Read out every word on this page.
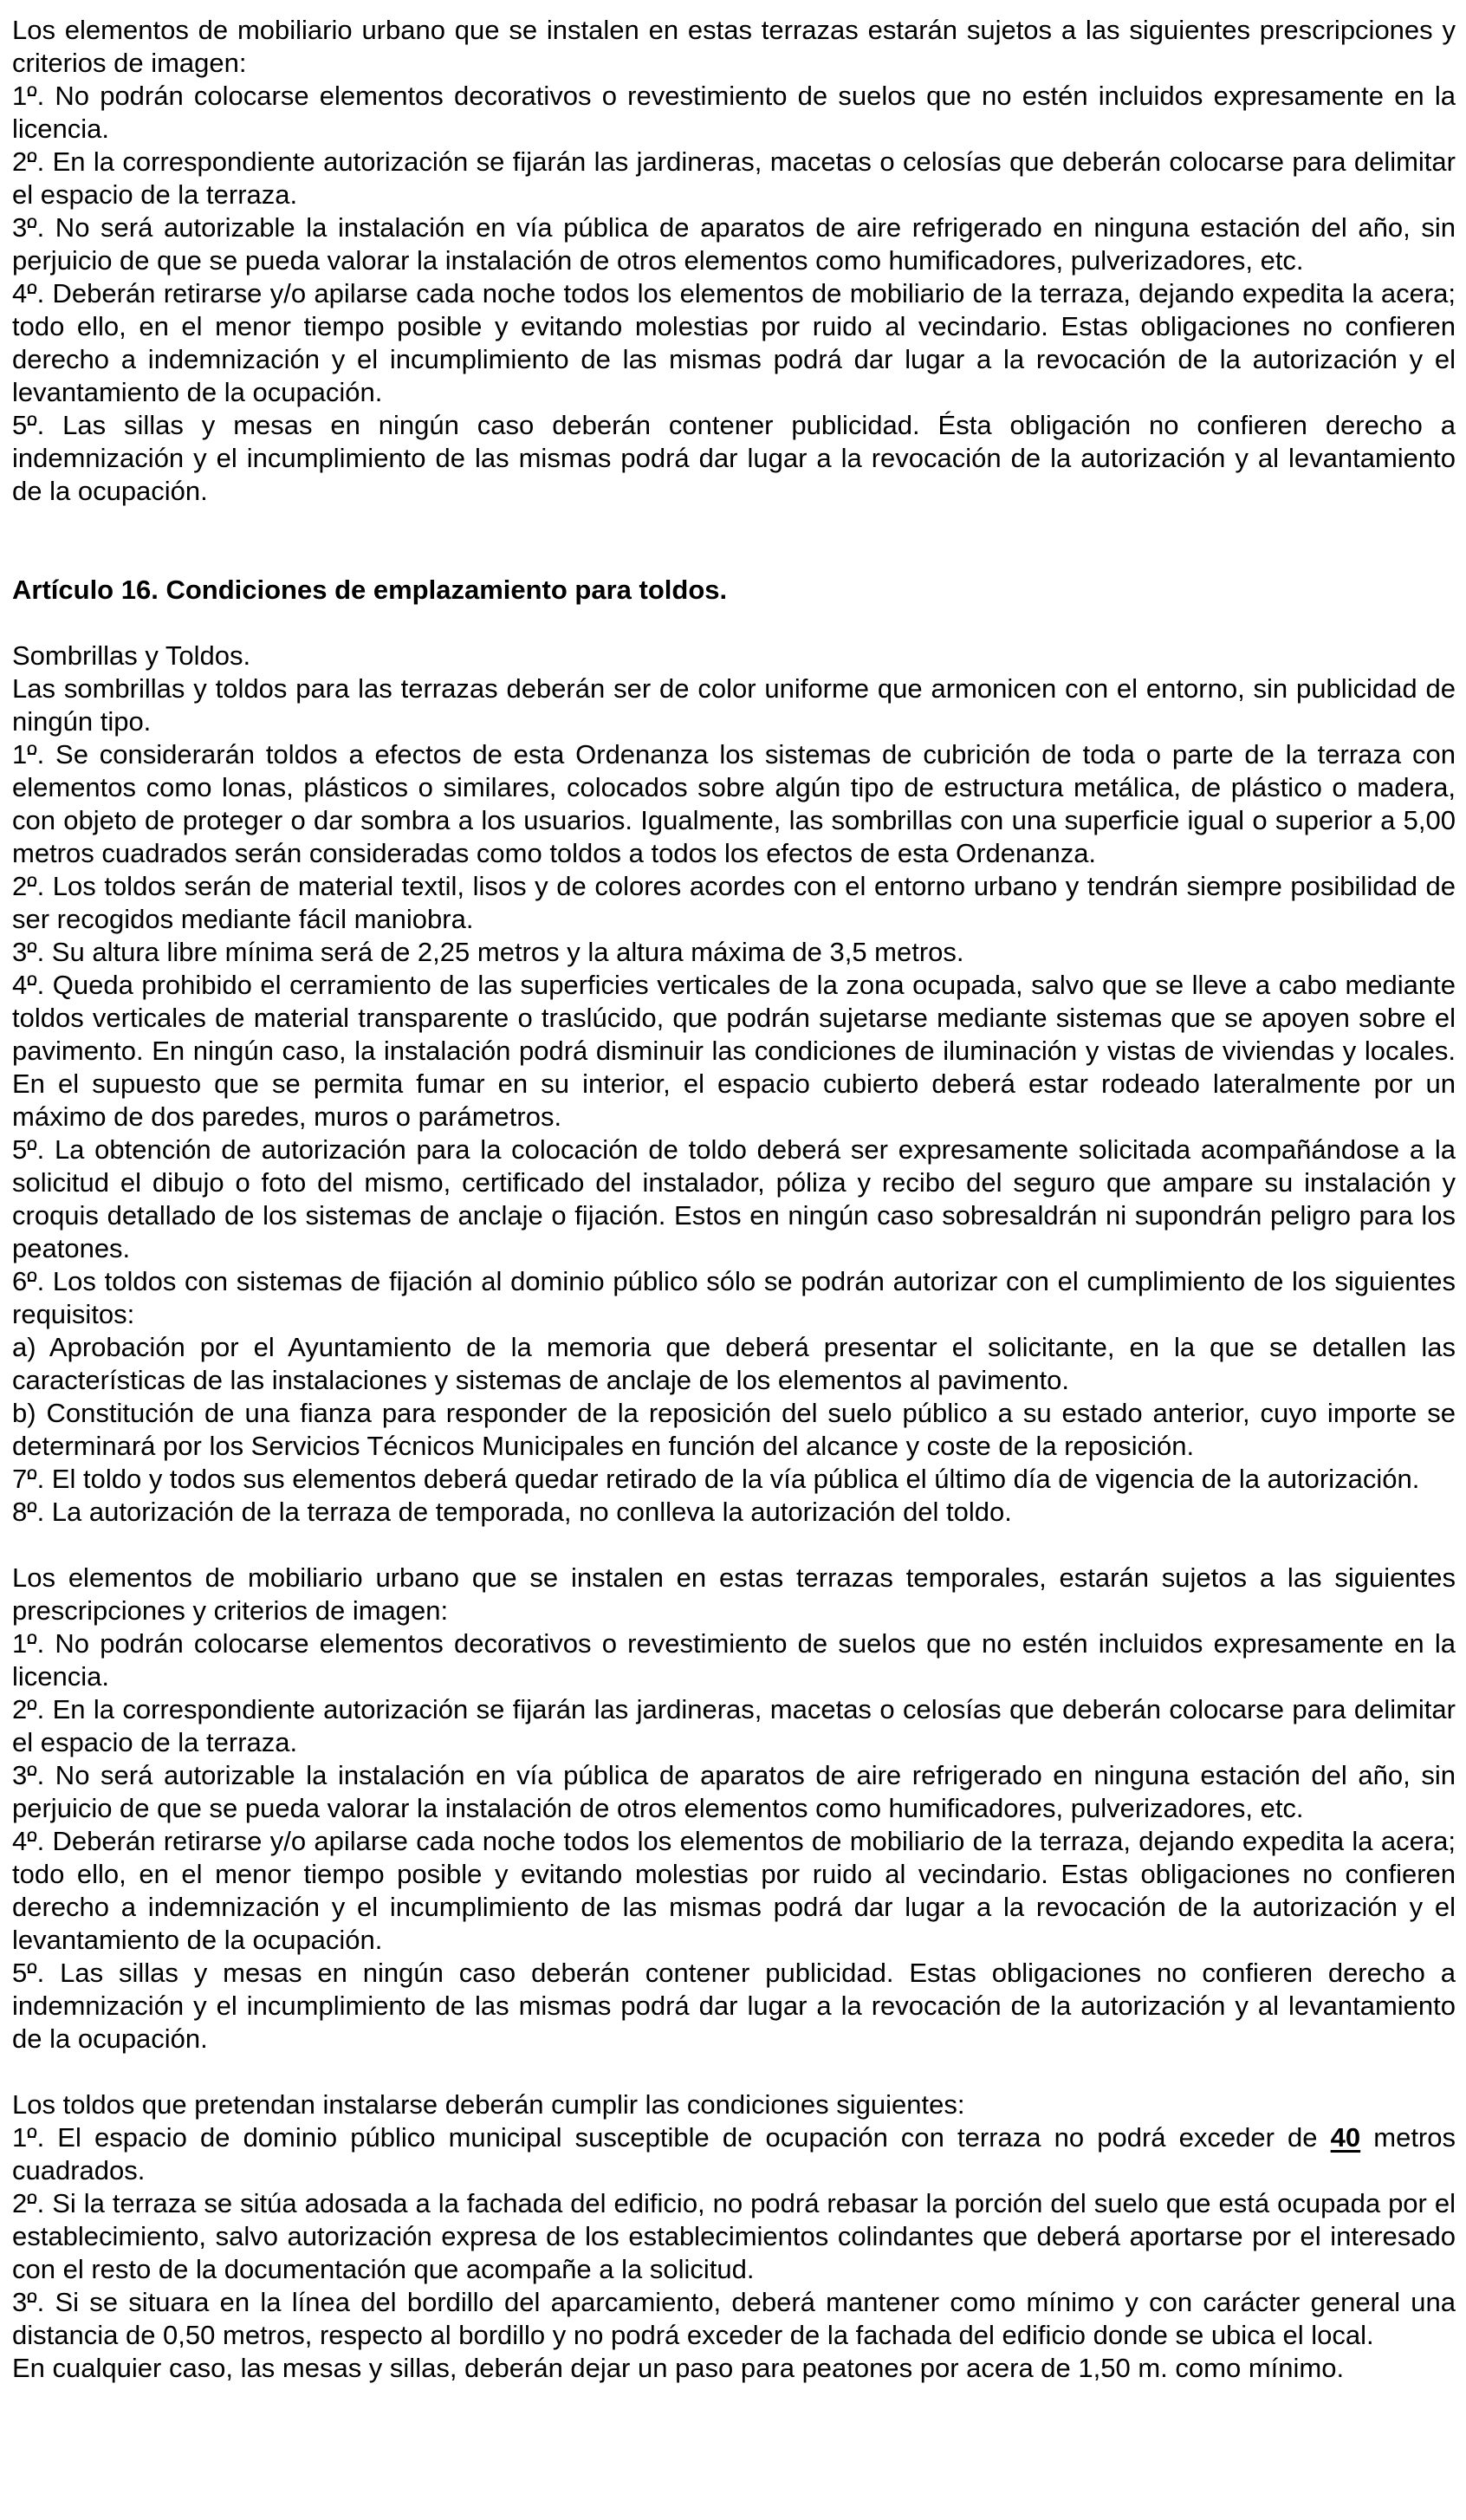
Los elementos de mobiliario urbano que se instalen en estas terrazas estarán sujetos a las siguientes prescripciones y criterios de imagen:

1º. No podrán colocarse elementos decorativos o revestimiento de suelos que no estén incluidos expresamente en la licencia.

2º. En la correspondiente autorización se fijarán las jardineras, macetas o celosías que deberán colocarse para delimitar el espacio de la terraza.

3º. No será autorizable la instalación en vía pública de aparatos de aire refrigerado en ninguna estación del año, sin perjuicio de que se pueda valorar la instalación de otros elementos como humificadores, pulverizadores, etc.

4º. Deberán retirarse y/o apilarse cada noche todos los elementos de mobiliario de la terraza, dejando expedita la acera; todo ello, en el menor tiempo posible y evitando molestias por ruido al vecindario. Estas obligaciones no confieren derecho a indemnización y el incumplimiento de las mismas podrá dar lugar a la revocación de la autorización y el levantamiento de la ocupación.

5º. Las sillas y mesas en ningún caso deberán contener publicidad. Ésta obligación no confieren derecho a indemnización y el incumplimiento de las mismas podrá dar lugar a la revocación de la autorización y al levantamiento de la ocupación.

Artículo 16. Condiciones de emplazamiento para toldos.

Sombrillas y Toldos.

Las sombrillas y toldos para las terrazas deberán ser de color uniforme que armonicen con el entorno, sin publicidad de ningún tipo.

1º. Se considerarán toldos a efectos de esta Ordenanza los sistemas de cubrición de toda o parte de la terraza con elementos como lonas, plásticos o similares, colocados sobre algún tipo de estructura metálica, de plástico o madera, con objeto de proteger o dar sombra a los usuarios. Igualmente, las sombrillas con una superficie igual o superior a 5,00 metros cuadrados serán consideradas como toldos a todos los efectos de esta Ordenanza.

2º. Los toldos serán de material textil, lisos y de colores acordes con el entorno urbano y tendrán siempre posibilidad de ser recogidos mediante fácil maniobra.

3º. Su altura libre mínima será de 2,25 metros y la altura máxima de 3,5 metros.

4º. Queda prohibido el cerramiento de las superficies verticales de la zona ocupada, salvo que se lleve a cabo mediante toldos verticales de material transparente o traslúcido, que podrán sujetarse mediante sistemas que se apoyen sobre el pavimento. En ningún caso, la instalación podrá disminuir las condiciones de iluminación y vistas de viviendas y locales. En el supuesto que se permita fumar en su interior, el espacio cubierto deberá estar rodeado lateralmente por un máximo de dos paredes, muros o parámetros.

5º. La obtención de autorización para la colocación de toldo deberá ser expresamente solicitada acompañándose a la solicitud el dibujo o foto del mismo, certificado del instalador, póliza y recibo del seguro que ampare su instalación y croquis detallado de los sistemas de anclaje o fijación. Estos en ningún caso sobresaldrán ni supondrán peligro para los peatones.

6º. Los toldos con sistemas de fijación al dominio público sólo se podrán autorizar con el cumplimiento de los siguientes requisitos:

a) Aprobación por el Ayuntamiento de la memoria que deberá presentar el solicitante, en la que se detallen las características de las instalaciones y sistemas de anclaje de los elementos al pavimento.

b) Constitución de una fianza para responder de la reposición del suelo público a su estado anterior, cuyo importe se determinará por los Servicios Técnicos Municipales en función del alcance y coste de la reposición.

7º. El toldo y todos sus elementos deberá quedar retirado de la vía pública el último día de vigencia de la autorización.

8º. La autorización de la terraza de temporada, no conlleva la autorización del toldo.

Los elementos de mobiliario urbano que se instalen en estas terrazas temporales, estarán sujetos a las siguientes prescripciones y criterios de imagen:

1º. No podrán colocarse elementos decorativos o revestimiento de suelos que no estén incluidos expresamente en la licencia.

2º. En la correspondiente autorización se fijarán las jardineras, macetas o celosías que deberán colocarse para delimitar el espacio de la terraza.

3º. No será autorizable la instalación en vía pública de aparatos de aire refrigerado en ninguna estación del año, sin perjuicio de que se pueda valorar la instalación de otros elementos como humificadores, pulverizadores, etc.

4º. Deberán retirarse y/o apilarse cada noche todos los elementos de mobiliario de la terraza, dejando expedita la acera; todo ello, en el menor tiempo posible y evitando molestias por ruido al vecindario. Estas obligaciones no confieren derecho a indemnización y el incumplimiento de las mismas podrá dar lugar a la revocación de la autorización y el levantamiento de la ocupación.

5º. Las sillas y mesas en ningún caso deberán contener publicidad. Estas obligaciones no confieren derecho a indemnización y el incumplimiento de las mismas podrá dar lugar a la revocación de la autorización y al levantamiento de la ocupación.

Los toldos que pretendan instalarse deberán cumplir las condiciones siguientes:

1º. El espacio de dominio público municipal susceptible de ocupación con terraza no podrá exceder de 40 metros cuadrados.

2º. Si la terraza se sitúa adosada a la fachada del edificio, no podrá rebasar la porción del suelo que está ocupada por el establecimiento, salvo autorización expresa de los establecimientos colindantes que deberá aportarse por el interesado con el resto de la documentación que acompañe a la solicitud.

3º. Si se situara en la línea del bordillo del aparcamiento, deberá mantener como mínimo y con carácter general una distancia de 0,50 metros, respecto al bordillo y no podrá exceder de la fachada del edificio donde se ubica el local.

En cualquier caso, las mesas y sillas, deberán dejar un paso para peatones por acera de 1,50 m. como mínimo.
